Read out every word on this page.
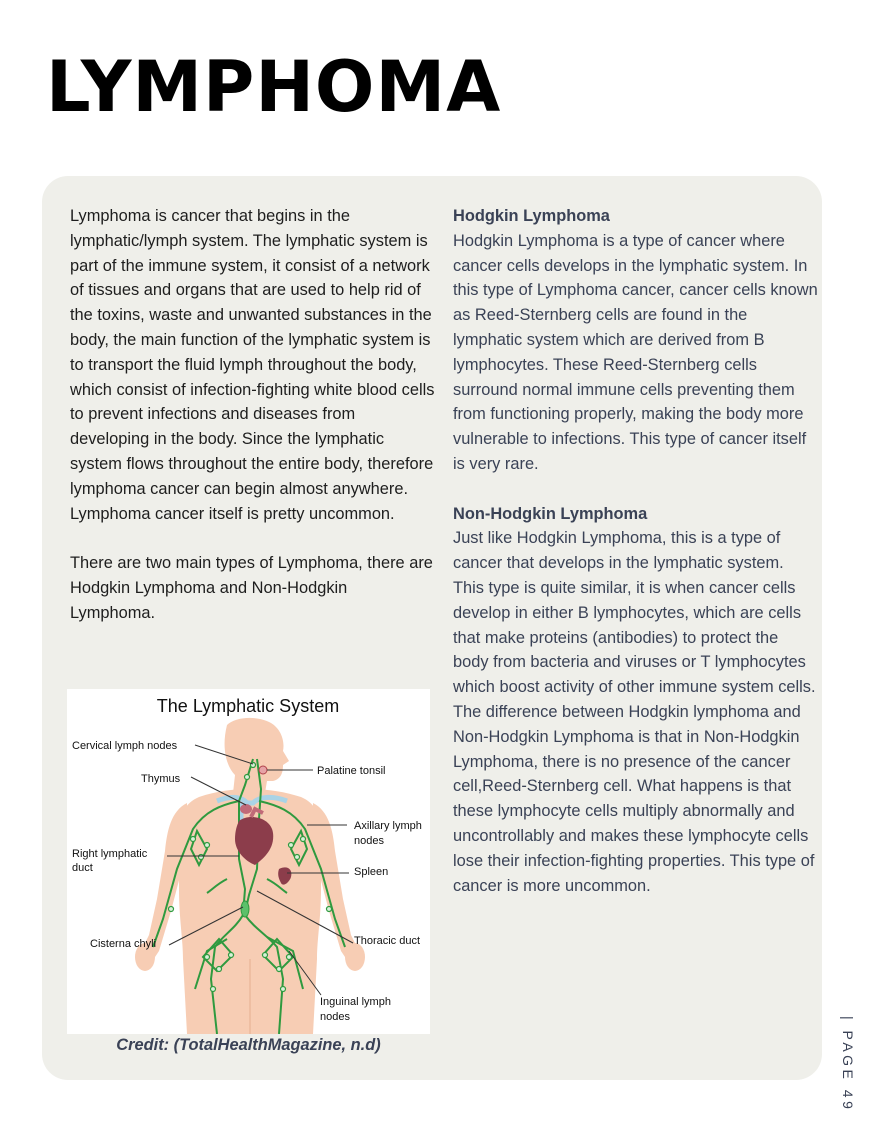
LYMPHOMA

Lymphoma is cancer that begins in the lymphatic/lymph system. The lymphatic system is part of the immune system, it consist of a network of tissues and organs that are used to help rid of the toxins, waste and unwanted substances in the body, the main function of the lymphatic system is to transport the fluid lymph throughout the body, which consist of infection-fighting white blood cells to prevent infections and diseases from developing in the body. Since the lymphatic system flows throughout the entire body, therefore lymphoma cancer can begin almost anywhere. Lymphoma cancer itself is pretty uncommon.

There are two main types of Lymphoma, there are Hodgkin Lymphoma and Non-Hodgkin Lymphoma.

The Lymphatic System
Cervical lymph nodes
Thymus
Palatine tonsil
Axillary lymph
nodes
Right lymphatic
duct	Spleen
Cisterna chyli	Thoracic duct
Inguinal lymph
nodes
Credit: (TotalHealthMagazine, n.d)

Hodgkin Lymphoma

Hodgkin Lymphoma is a type of cancer where cancer cells develops in the lymphatic system. In this type of Lymphoma cancer, cancer cells known as Reed-Sternberg cells are found in the lymphatic system which are derived from B lymphocytes. These Reed-Sternberg cells surround normal immune cells preventing them from functioning properly, making the body more vulnerable to infections. This type of cancer itself is very rare.

Non-Hodgkin Lymphoma

Just like Hodgkin Lymphoma, this is a type of cancer that develops in the lymphatic system. This type is quite similar, it is when cancer cells develop in either B lymphocytes, which are cells that make proteins (antibodies) to protect the body from bacteria and viruses or T lymphocytes which boost activity of other immune system cells. The difference between Hodgkin lymphoma and Non-Hodgkin Lymphoma is that in Non-Hodgkin Lymphoma, there is no presence of the cancer cell,Reed-Sternberg cell. What happens is that these lymphocyte cells multiply abnormally and uncontrollably and makes these lymphocyte cells lose their infection-fighting properties. This type of cancer is more uncommon.

| PAGE 49
